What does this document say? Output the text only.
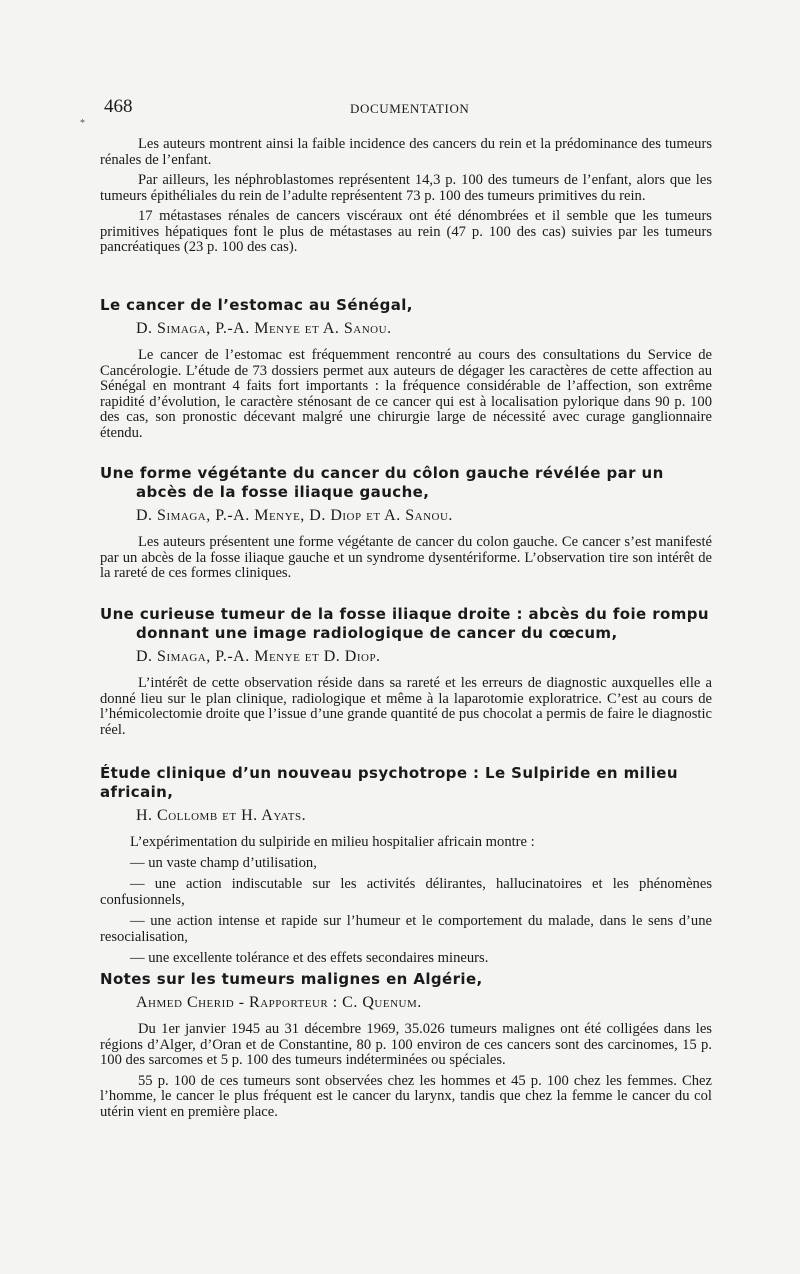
468	DOCUMENTATION
*

Les auteurs montrent ainsi la faible incidence des cancers du rein et la prédominance des tumeurs rénales de l’enfant.

Par ailleurs, les néphroblastomes représentent 14,3 p. 100 des tumeurs de l’enfant, alors que les tumeurs épithéliales du rein de l’adulte représentent 73 p. 100 des tumeurs primitives du rein.

17 métastases rénales de cancers viscéraux ont été dénombrées et il semble que les tumeurs primitives hépatiques font le plus de métastases au rein (47 p. 100 des cas) suivies par les tumeurs pancréatiques (23 p. 100 des cas).

Le cancer de l’estomac au Sénégal,
D. Simaga, P.-A. Menye et A. Sanou.

Le cancer de l’estomac est fréquemment rencontré au cours des consultations du Service de Cancérologie. L’étude de 73 dossiers permet aux auteurs de dégager les caractères de cette affection au Sénégal en montrant 4 faits fort importants : la fréquence considérable de l’affection, son extrême rapidité d’évolution, le caractère sténosant de ce cancer qui est à localisation pylorique dans 90 p. 100 des cas, son pronostic décevant malgré une chirurgie large de nécessité avec curage ganglionnaire étendu.

Une forme végétante du cancer du côlon gauche révélée par un abcès de la fosse iliaque gauche,
D. Simaga, P.-A. Menye, D. Diop et A. Sanou.

Les auteurs présentent une forme végétante de cancer du colon gauche. Ce cancer s’est manifesté par un abcès de la fosse iliaque gauche et un syndrome dysentériforme. L’observation tire son intérêt de la rareté de ces formes cliniques.

Une curieuse tumeur de la fosse iliaque droite : abcès du foie rompu donnant une image radiologique de cancer du cœcum,
D. Simaga, P.-A. Menye et D. Diop.

L’intérêt de cette observation réside dans sa rareté et les erreurs de diagnostic auxquelles elle a donné lieu sur le plan clinique, radiologique et même à la laparotomie exploratrice. C’est au cours de l’hémicolectomie droite que l’issue d’une grande quantité de pus chocolat a permis de faire le diagnostic réel.

Étude clinique d’un nouveau psychotrope : Le Sulpiride en milieu africain,
H. Collomb et H. Ayats.

L’expérimentation du sulpiride en milieu hospitalier africain montre :

— un vaste champ d’utilisation,
— une action indiscutable sur les activités délirantes, hallucinatoires et les phénomènes confusionnels,
— une action intense et rapide sur l’humeur et le comportement du malade, dans le sens d’une resocialisation,
— une excellente tolérance et des effets secondaires mineurs.
Notes sur les tumeurs malignes en Algérie,
Ahmed Cherid - Rapporteur : C. Quenum.

Du 1er janvier 1945 au 31 décembre 1969, 35.026 tumeurs malignes ont été colligées dans les régions d’Alger, d’Oran et de Constantine, 80 p. 100 environ de ces cancers sont des carcinomes, 15 p. 100 des sarcomes et 5 p. 100 des tumeurs indéterminées ou spéciales.

55 p. 100 de ces tumeurs sont observées chez les hommes et 45 p. 100 chez les femmes. Chez l’homme, le cancer le plus fréquent est le cancer du larynx, tandis que chez la femme le cancer du col utérin vient en première place.
